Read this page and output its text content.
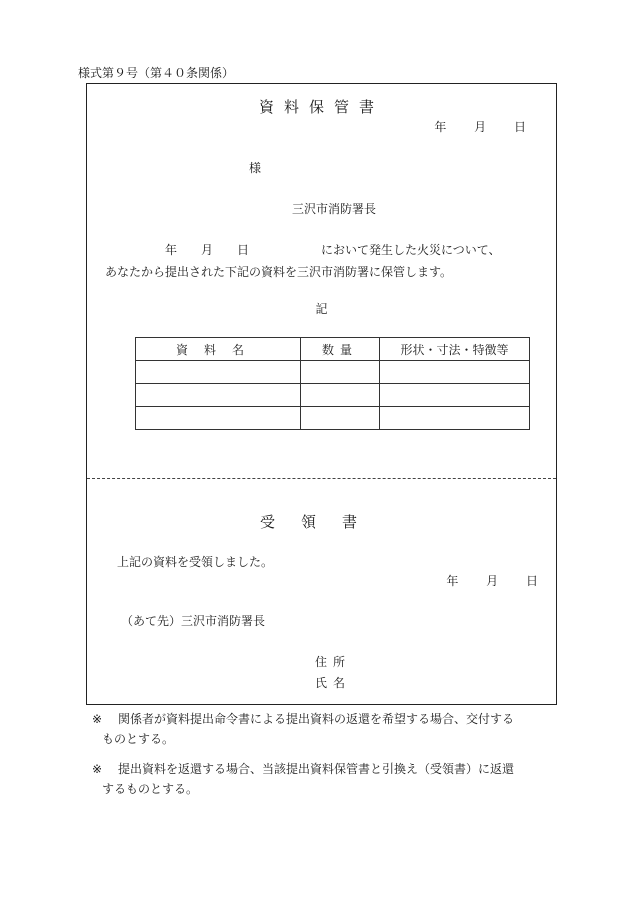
様式第９号（第４０条関係）
資料保管書
年 月 日
様
三沢市消防署長
　　　　　年　　月　　日　　　　　　において発生した火災について、
あなたから提出された下記の資料を三沢市消防署に保管します。
記
資料名	数量	形状・寸法・特徴等

受領書
上記の資料を受領しました。
年 月 日
（あて先）三沢市消防署長
住所
氏名
※ 関係者が資料提出命令書による提出資料の返還を希望する場合、交付する
ものとする。
※ 提出資料を返還する場合、当該提出資料保管書と引換え（受領書）に返還
するものとする。
